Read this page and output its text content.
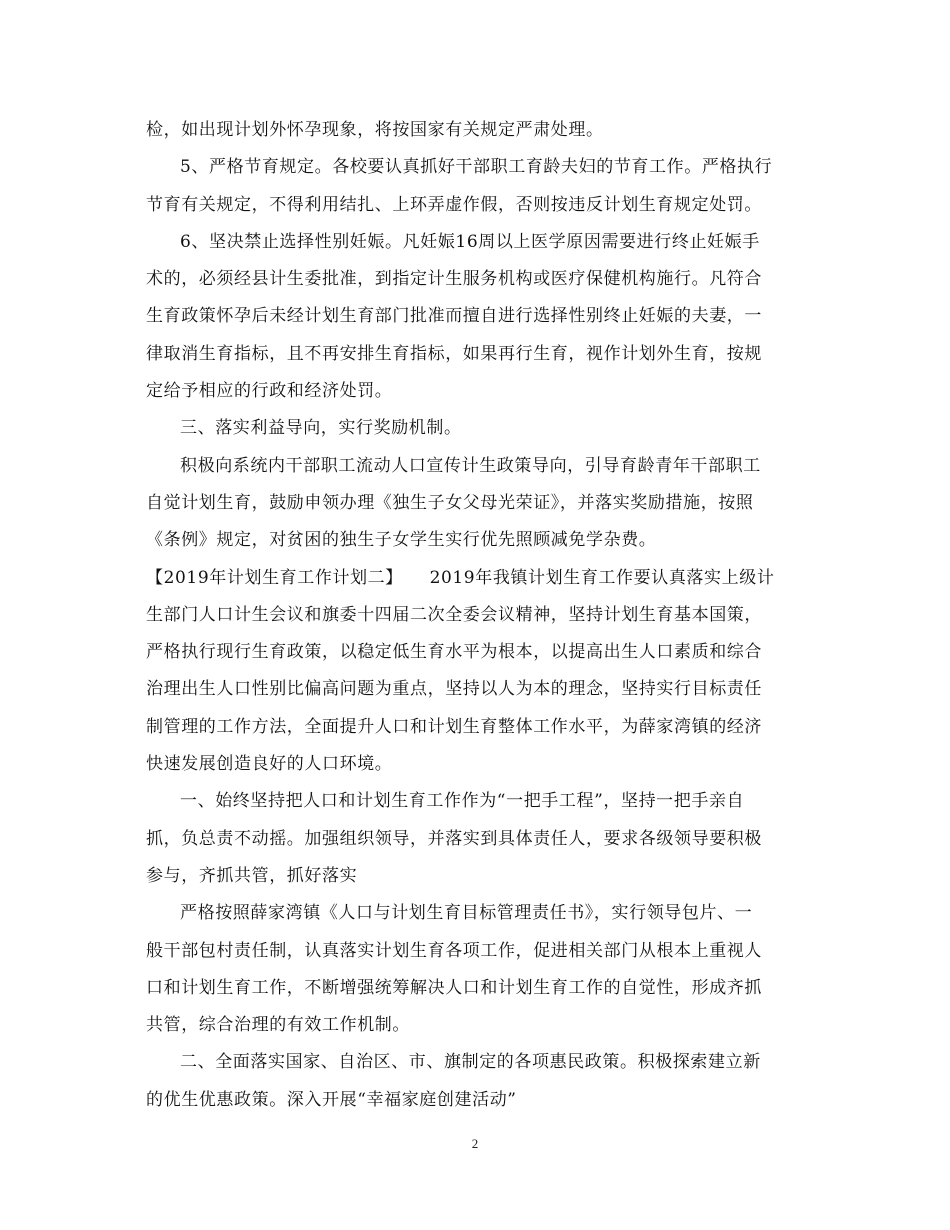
检，如出现计划外怀孕现象，将按国家有关规定严肃处理。
5、严格节育规定。各校要认真抓好干部职工育龄夫妇的节育工作。严格执行
节育有关规定，不得利用结扎、上环弄虚作假，否则按违反计划生育规定处罚。
6、坚决禁止选择性别妊娠。凡妊娠16周以上医学原因需要进行终止妊娠手
术的，必须经县计生委批准，到指定计生服务机构或医疗保健机构施行。凡符合
生育政策怀孕后未经计划生育部门批准而擅自进行选择性别终止妊娠的夫妻，一
律取消生育指标，且不再安排生育指标，如果再行生育，视作计划外生育，按规
定给予相应的行政和经济处罚。
三、落实利益导向，实行奖励机制。
积极向系统内干部职工流动人口宣传计生政策导向，引导育龄青年干部职工
自觉计划生育，鼓励申领办理《独生子女父母光荣证》，并落实奖励措施，按照
《条例》规定，对贫困的独生子女学生实行优先照顾减免学杂费。
【2019年计划生育工作计划二】　　2019年我镇计划生育工作要认真落实上级计
生部门人口计生会议和旗委十四届二次全委会议精神，坚持计划生育基本国策，
严格执行现行生育政策，以稳定低生育水平为根本，以提高出生人口素质和综合
治理出生人口性别比偏高问题为重点，坚持以人为本的理念，坚持实行目标责任
制管理的工作方法，全面提升人口和计划生育整体工作水平，为薛家湾镇的经济
快速发展创造良好的人口环境。
一、始终坚持把人口和计划生育工作作为“一把手工程”，坚持一把手亲自
抓，负总责不动摇。加强组织领导，并落实到具体责任人，要求各级领导要积极
参与，齐抓共管，抓好落实
严格按照薛家湾镇《人口与计划生育目标管理责任书》，实行领导包片、一
般干部包村责任制，认真落实计划生育各项工作，促进相关部门从根本上重视人
口和计划生育工作，不断增强统筹解决人口和计划生育工作的自觉性，形成齐抓
共管，综合治理的有效工作机制。
二、全面落实国家、自治区、市、旗制定的各项惠民政策。积极探索建立新
的优生优惠政策。深入开展“幸福家庭创建活动”
2
